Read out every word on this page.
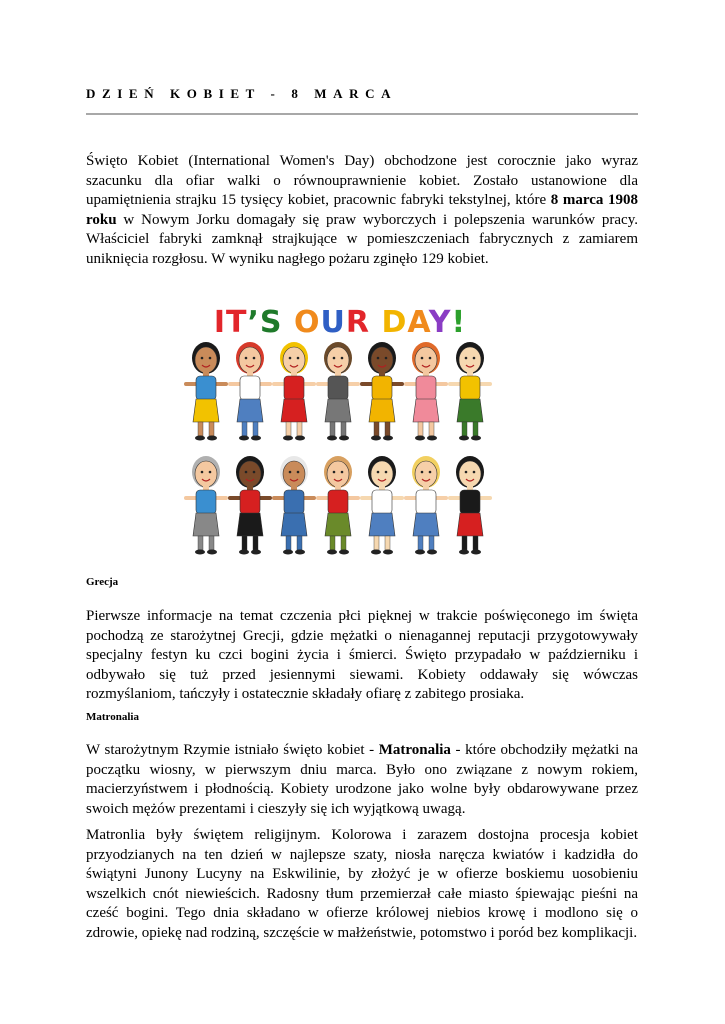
DZIEŃ KOBIET - 8 MARCA

Święto Kobiet (International Women's Day) obchodzone jest corocznie jako wyraz szacunku dla ofiar walki o równouprawnienie kobiet. Zostało ustanowione dla upamiętnienia strajku 15 tysięcy kobiet, pracownic fabryki tekstylnej, które 8 marca 1908 roku w Nowym Jorku domagały się praw wyborczych i polepszenia warunków pracy. Właściciel fabryki zamknął strajkujące w pomieszczeniach fabrycznych z zamiarem uniknięcia rozgłosu. W wyniku nagłego pożaru zginęło 129 kobiet.

IT’S OUR DAY!
Grecja

Pierwsze informacje na temat czczenia płci pięknej w trakcie poświęconego im święta pochodzą ze starożytnej Grecji, gdzie mężatki o nienagannej reputacji przygotowywały specjalny festyn ku czci bogini życia i śmierci. Święto przypadało w październiku i odbywało się tuż przed jesiennymi siewami. Kobiety oddawały się wówczas rozmyślaniom, tańczyły i ostatecznie składały ofiarę z zabitego prosiaka.

Matronalia

W starożytnym Rzymie istniało święto kobiet - Matronalia - które obchodziły mężatki na początku wiosny, w pierwszym dniu marca. Było ono związane z nowym rokiem, macierzyństwem i płodnością. Kobiety urodzone jako wolne były obdarowywane przez swoich mężów prezentami i cieszyły się ich wyjątkową uwagą.

Matronlia były świętem religijnym. Kolorowa i zarazem dostojna procesja kobiet przyodzianych na ten dzień w najlepsze szaty, niosła naręcza kwiatów i kadzidła do świątyni Junony Lucyny na Eskwilinie, by złożyć je w ofierze boskiemu uosobieniu wszelkich cnót niewieścich. Radosny tłum przemierzał całe miasto śpiewając pieśni na cześć bogini. Tego dnia składano w ofierze królowej niebios krowę i modlono się o zdrowie, opiekę nad rodziną, szczęście w małżeństwie, potomstwo i poród bez komplikacji.
